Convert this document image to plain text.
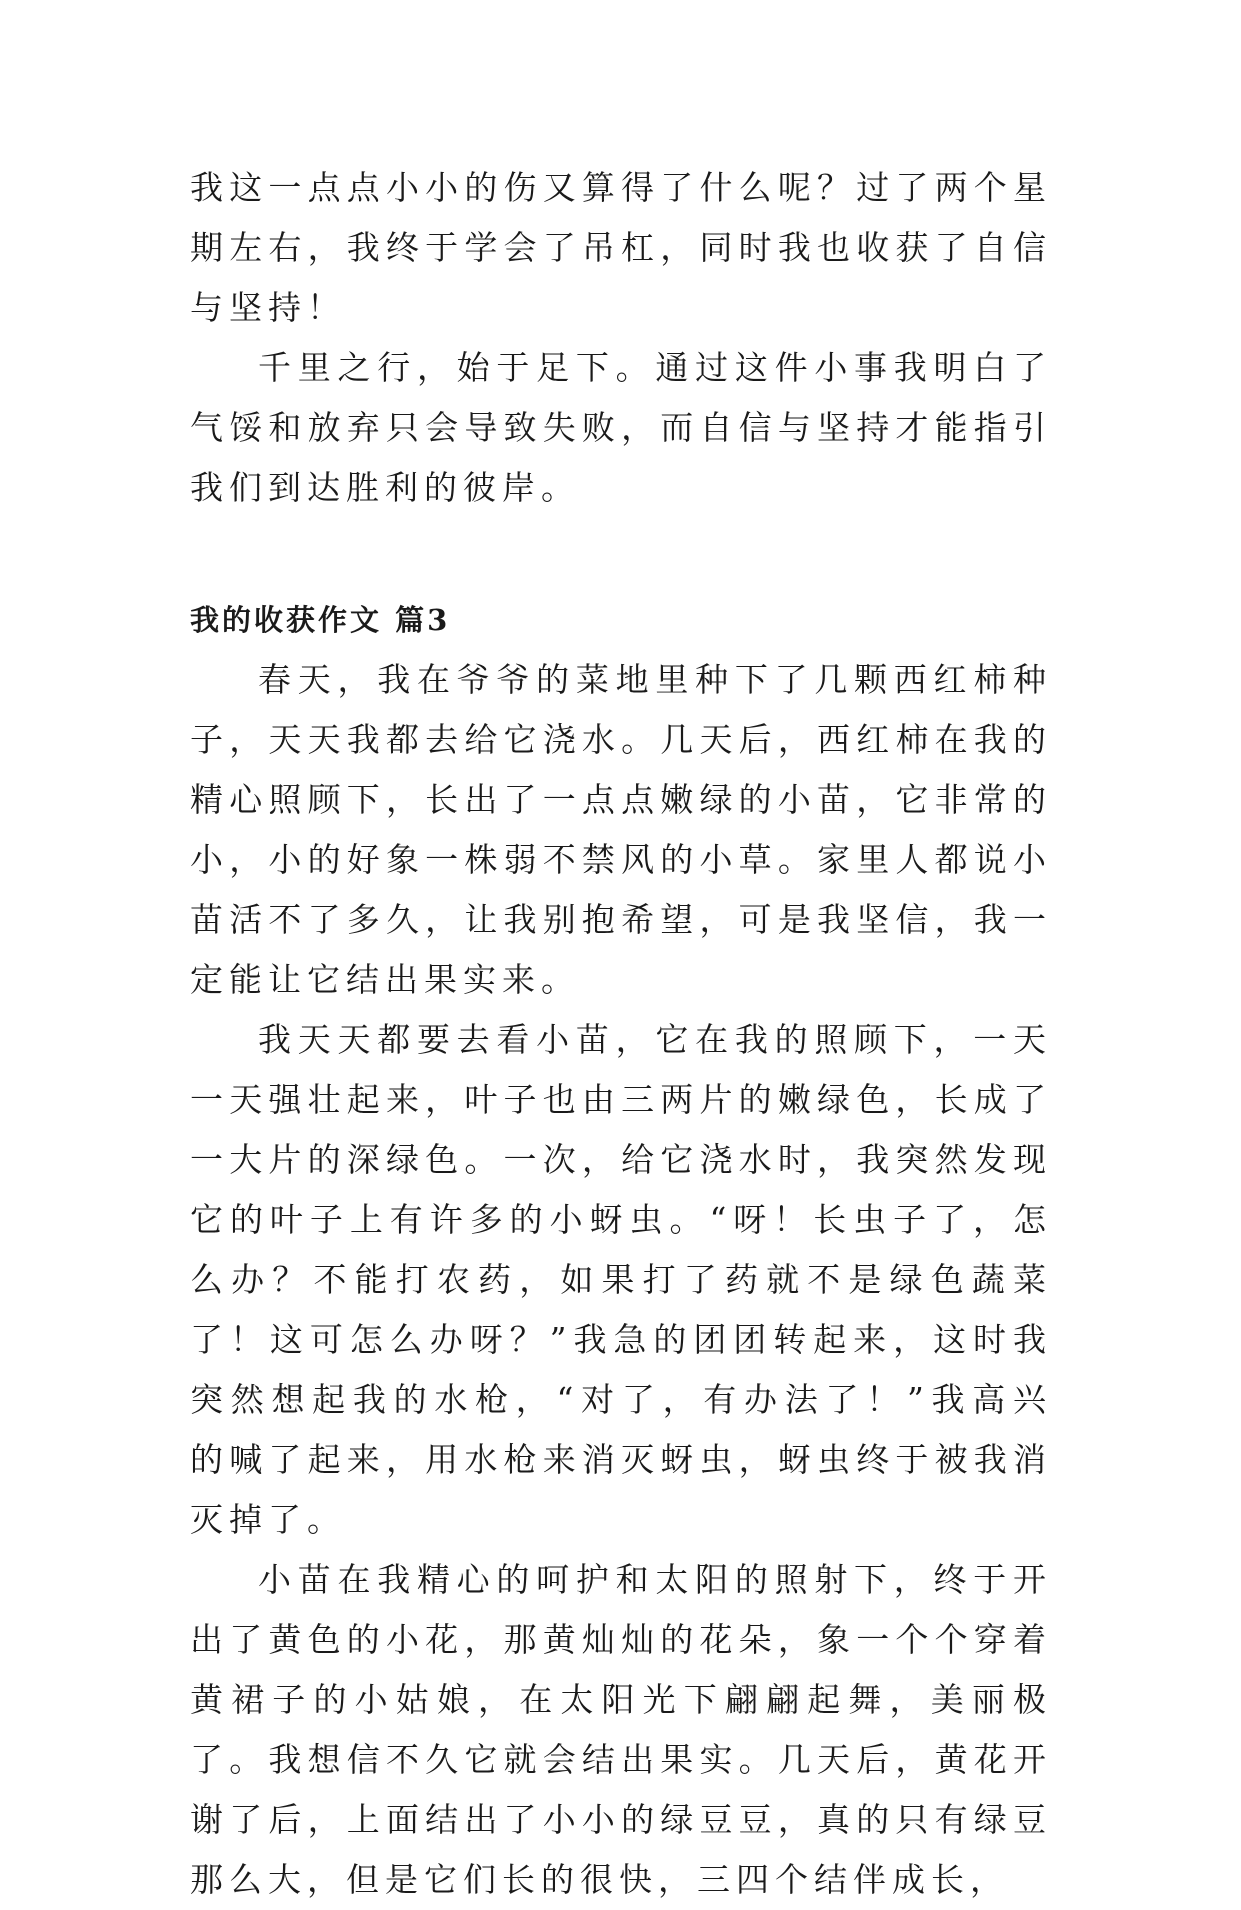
我这一点点小小的伤又算得了什么呢？过了两个星期左右，我终于学会了吊杠，同时我也收获了自信与坚持！

千里之行，始于足下。通过这件小事我明白了气馁和放弃只会导致失败，而自信与坚持才能指引我们到达胜利的彼岸。

我的收获作文 篇3

春天，我在爷爷的菜地里种下了几颗西红柿种子，天天我都去给它浇水。几天后，西红柿在我的精心照顾下，长出了一点点嫩绿的小苗，它非常的小，小的好象一株弱不禁风的小草。家里人都说小苗活不了多久，让我别抱希望，可是我坚信，我一定能让它结出果实来。

我天天都要去看小苗，它在我的照顾下，一天一天强壮起来，叶子也由三两片的嫩绿色，长成了一大片的深绿色。一次，给它浇水时，我突然发现它的叶子上有许多的小蚜虫。“呀！长虫子了，怎么办？不能打农药，如果打了药就不是绿色蔬菜了！这可怎么办呀？”我急的团团转起来，这时我突然想起我的水枪，“对了，有办法了！”我高兴的喊了起来，用水枪来消灭蚜虫，蚜虫终于被我消灭掉了。

小苗在我精心的呵护和太阳的照射下，终于开出了黄色的小花，那黄灿灿的花朵，象一个个穿着黄裙子的小姑娘，在太阳光下翩翩起舞，美丽极了。我想信不久它就会结出果实。几天后，黄花开谢了后，上面结出了小小的绿豆豆，真的只有绿豆那么大，但是它们长的很快，三四个结伴成长，
